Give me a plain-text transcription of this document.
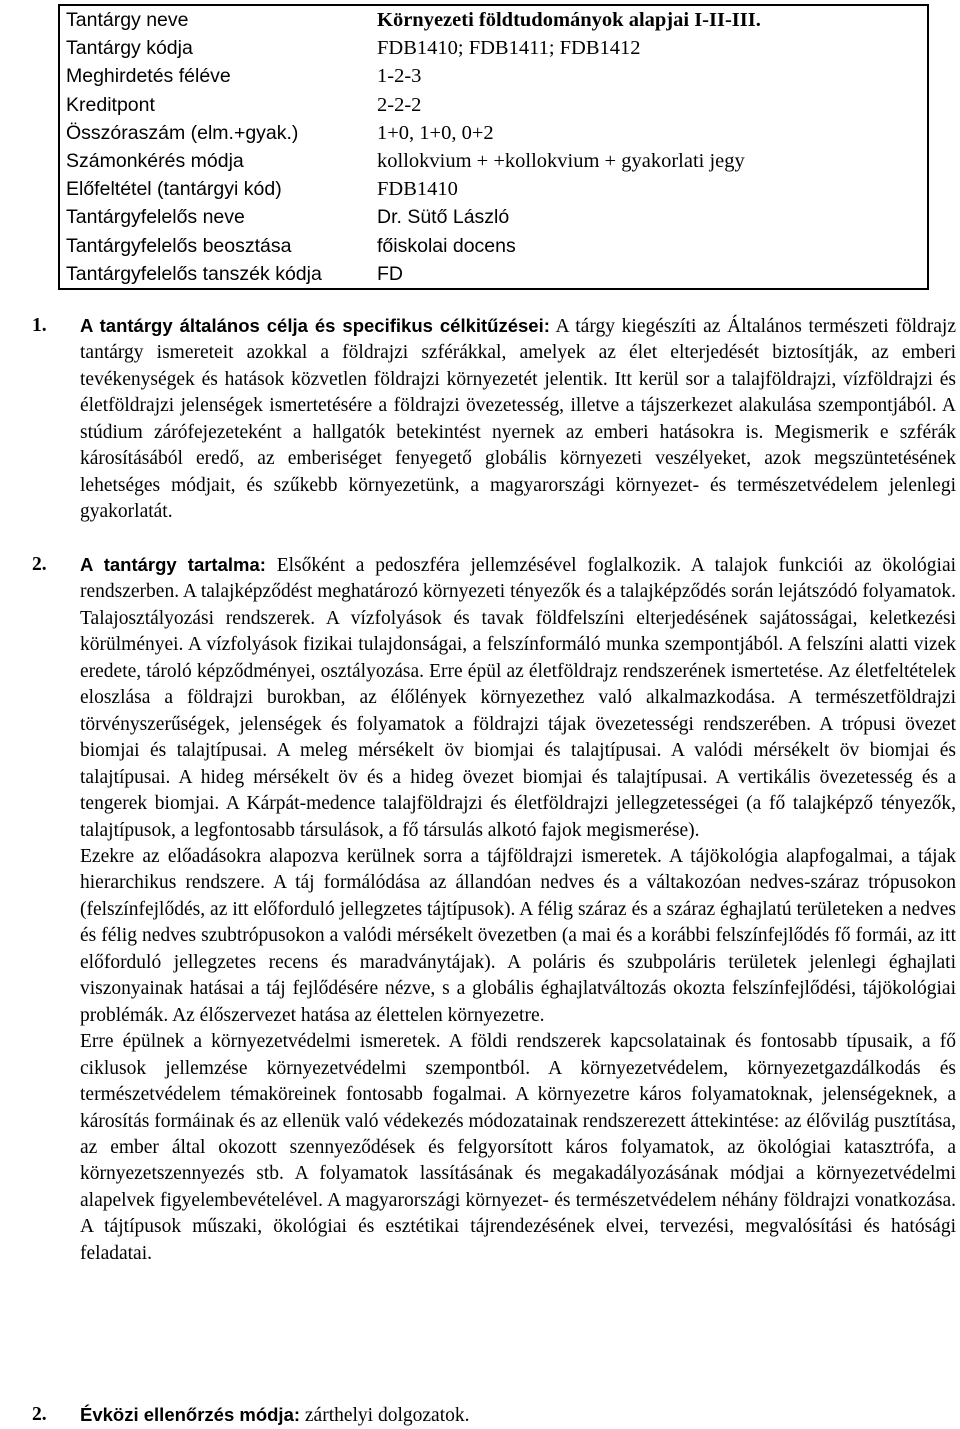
Tantárgy neve	Környezeti földtudományok alapjai I-II-III.
Tantárgy kódja	FDB1410; FDB1411; FDB1412
Meghirdetés féléve	1-2-3
Kreditpont	2-2-2
Összóraszám (elm.+gyak.)	1+0, 1+0, 0+2
Számonkérés módja	kollokvium + +kollokvium + gyakorlati jegy
Előfeltétel (tantárgyi kód)	FDB1410
Tantárgyfelelős neve	Dr. Sütő László
Tantárgyfelelős beosztása	főiskolai docens
Tantárgyfelelős tanszék kódja	FD
1. A tantárgy általános célja és specifikus célkitűzései: A tárgy kiegészíti az Általános természeti földrajz tantárgy ismereteit azokkal a földrajzi szférákkal, amelyek az élet elterjedését biztosítják, az emberi tevékenységek és hatások közvetlen földrajzi környezetét jelentik. Itt kerül sor a talajföldrajzi, vízföldrajzi és életföldrajzi jelenségek ismertetésére a földrajzi övezetesség, illetve a tájszerkezet alakulása szempontjából. A stúdium zárófejezeteként a hallgatók betekintést nyernek az emberi hatásokra is. Megismerik e szférák károsításából eredő, az emberiséget fenyegető globális környezeti veszélyeket, azok megszüntetésének lehetséges módjait, és szűkebb környezetünk, a magyarországi környezet- és természetvédelem jelenlegi gyakorlatát.

2. A tantárgy tartalma: Elsőként a pedoszféra jellemzésével foglalkozik. A talajok funkciói az ökológiai rendszerben. A talajképződést meghatározó környezeti tényezők és a talajképződés során lejátszódó folyamatok. Talajosztályozási rendszerek. A vízfolyások és tavak földfelszíni elterjedésének sajátosságai, keletkezési körülményei. A vízfolyások fizikai tulajdonságai, a felszínformáló munka szempontjából. A felszíni alatti vizek eredete, tároló képződményei, osztályozása. Erre épül az életföldrajz rendszerének ismertetése. Az életfeltételek eloszlása a földrajzi burokban, az élőlények környezethez való alkalmazkodása. A természetföldrajzi törvényszerűségek, jelenségek és folyamatok a földrajzi tájak övezetességi rendszerében. A trópusi övezet biomjai és talajtípusai. A meleg mérsékelt öv biomjai és talajtípusai. A valódi mérsékelt öv biomjai és talajtípusai. A hideg mérsékelt öv és a hideg övezet biomjai és talajtípusai. A vertikális övezetesség és a tengerek biomjai. A Kárpát-medence talajföldrajzi és életföldrajzi jellegzetességei (a fő talajképző tényezők, talajtípusok, a legfontosabb társulások, a fő társulás alkotó fajok megismerése).

Ezekre az előadásokra alapozva kerülnek sorra a tájföldrajzi ismeretek. A tájökológia alapfogalmai, a tájak hierarchikus rendszere. A táj formálódása az állandóan nedves és a váltakozóan nedves-száraz trópusokon (felszínfejlődés, az itt előforduló jellegzetes tájtípusok). A félig száraz és a száraz éghajlatú területeken a nedves és félig nedves szubtrópusokon a valódi mérsékelt övezetben (a mai és a korábbi felszínfejlődés fő formái, az itt előforduló jellegzetes recens és maradványtájak). A poláris és szubpoláris területek jelenlegi éghajlati viszonyainak hatásai a táj fejlődésére nézve, s a globális éghajlatváltozás okozta felszínfejlődési, tájökológiai problémák. Az élőszervezet hatása az élettelen környezetre.

Erre épülnek a környezetvédelmi ismeretek. A földi rendszerek kapcsolatainak és fontosabb típusaik, a fő ciklusok jellemzése környezetvédelmi szempontból. A környezetvédelem, környezetgazdálkodás és természetvédelem témaköreinek fontosabb fogalmai. A környezetre káros folyamatoknak, jelenségeknek, a károsítás formáinak és az ellenük való védekezés módozatainak rendszerezett áttekintése: az élővilág pusztítása, az ember által okozott szennyeződések és felgyorsított káros folyamatok, az ökológiai katasztrófa, a környezetszennyezés stb. A folyamatok lassításának és megakadályozásának módjai a környezetvédelmi alapelvek figyelembevételével. A magyarországi környezet- és természetvédelem néhány földrajzi vonatkozása. A tájtípusok műszaki, ökológiai és esztétikai tájrendezésének elvei, tervezési, megvalósítási és hatósági feladatai.

2. Évközi ellenőrzés módja: zárthelyi dolgozatok.
